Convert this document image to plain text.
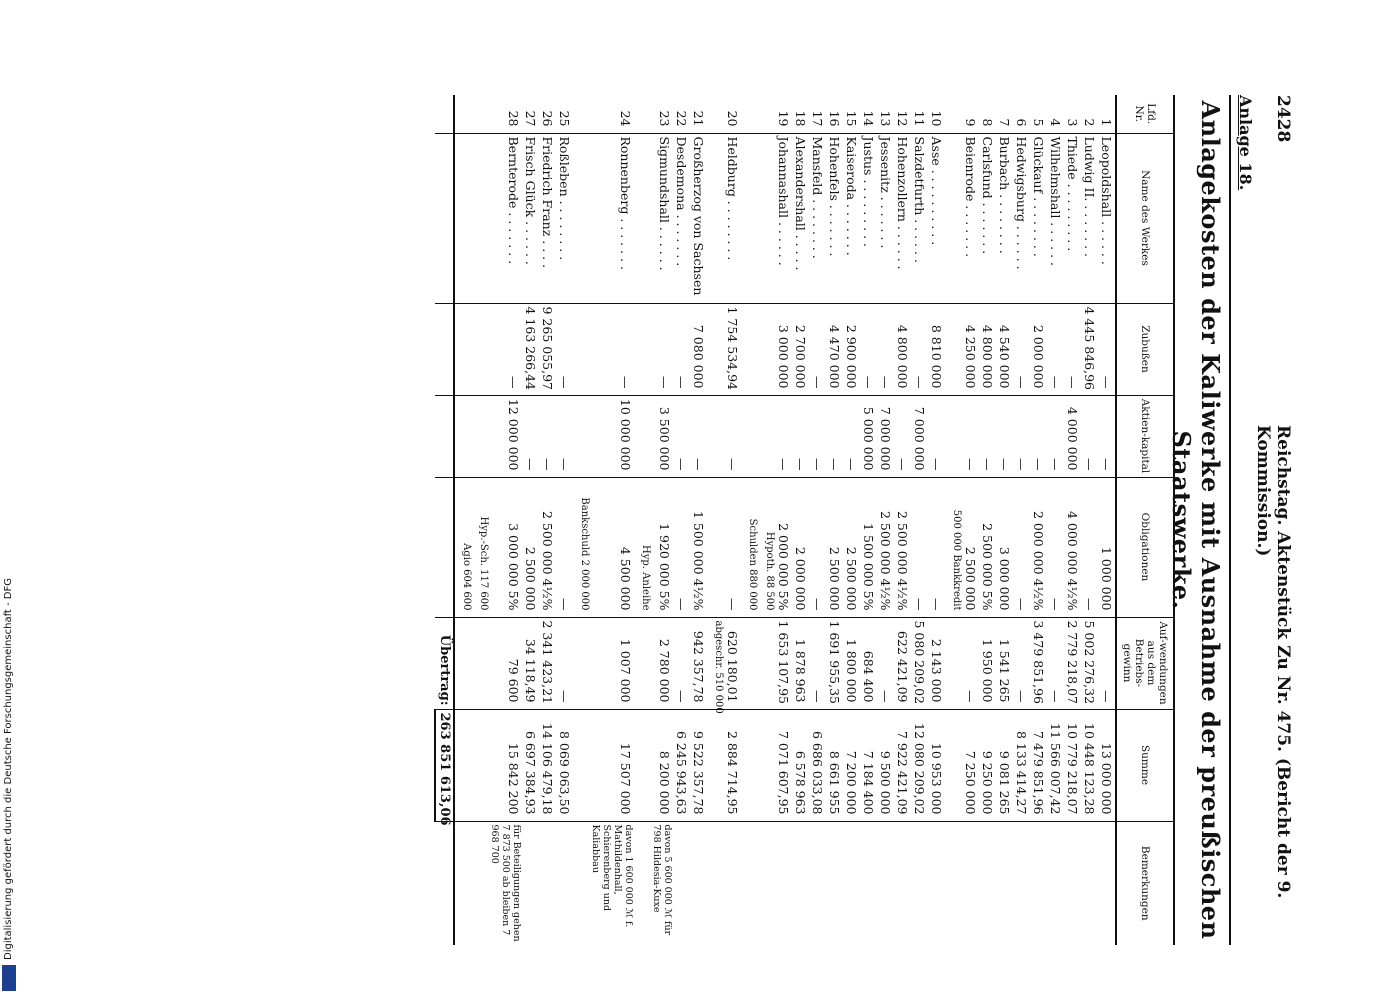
2428
Reichstag. Aktenstück Zu Nr. 475. (Bericht der 9. Kommission.)
Anlage 18.
Anlagekosten der Kaliwerke mit Ausnahme der preußischen Staatswerke.
Lfd. Nr.	Name des Werkes	Zubußen	Aktien-kapital	Obligationen	Auf-wendungen aus dem Betriebs-gewinn	Summe	Bemerkungen
1	Leopoldshall . . . . . .	—	—	1 000 000	—	13 000 000	
2	Ludwig II. . . . . . . .	4 445 846,96	—	—	5 002 276,32	10 448 123,28	
3	Thiede . . . . . . . . .	—	4 000 000	4 000 000 4½%	2 779 218,07	10 779 218,07	
4	Wilhelmshall . . . . . .	—	—	—	—	11 566 007,42	
5	Glückauf . . . . . . . .	2 000 000	—	2 000 000 4½%	3 479 851,96	7 479 851,96	
6	Hedwigsburg . . . . . .	—	—	—	—	8 133 414,27	
7	Burbach . . . . . . . .	4 540 000	—	3 000 000	1 541 265	9 081 265	
8	Carlsfund . . . . . . .	4 800 000	—	2 500 000 5%	1 950 000	9 250 000	
9	Beienrode . . . . . . .	4 250 000	—	2 500 000	—	7 250 000	
				500 000 Bankkredit			
10	Asse . . . . . . . . . .	8 810 000	—	—	2 143 000	10 953 000	
11	Salzdetfurth . . . . . .	—	7 000 000	—	5 080 209,02	12 080 209,02	
12	Hohenzollern . . . . . .	4 800 000	—	2 500 000 4½%	622 421,09	7 922 421,09	
13	Jessenitz . . . . . . .	—	7 000 000	2 500 000 4½%	—	9 500 000	
14	Justus . . . . . . . . .	—	5 000 000	1 500 000 5%	684 400	7 184 400	
15	Kaiseroda . . . . . . .	2 900 000	—	2 500 000	1 800 000	7 200 000	
16	Hohenfels . . . . . . .	4 470 000	—	2 500 000	1 691 955,35	8 661 955	
17	Mansfeld . . . . . . . .	—	—	—	—	6 686 033,08	
18	Alexandershall . . . . .	2 700 000	—	2 000 000	1 878 963	6 578 963	
19	Johannashall . . . . . .	3 000 000	—	2 000 000 5%	1 653 107,95	7 071 607,95	
				Hypoth. 88 500			
				Schulden 880 000			
20	Heldburg . . . . . . . .	1 754 534,94	—	—	620 180,01	2 884 714,95	
					abgeschr. 510 000		
21	Großherzog von Sachsen	7 080 000	—	1 500 000 4½%	942 357,78	9 522 357,78	
22	Desdemona . . . . . . .	—	—	—	—	6 245 943,63	
23	Sigmundshall . . . . . .	—	3 500 000	1 920 000 5%	2 780 000	8 200 000	davon 5 600 000 ℳ für 798 Hildesia-Kuxe
				Hyp. Anleihe			
24	Ronnenberg . . . . . . .	—	10 000 000	4 500 000	1 007 000	17 507 000	davon 1 600 000 ℳ f. Mathildenhall, Schierenberg und Kaliabbau
				Bankschuld 2 000 000			
25	Roßleben . . . . . . . .	—	—	—	—	8 069 063,50	
26	Friedrich Franz . . . .	9 265 055,97	—	2 500 000 4½%	2 341 423,21	14 106 479,18	
27	Frisch Glück . . . . . .	4 163 266,44	—	2 500 000	34 118,49	6 697 384,93	
28	Bernterode . . . . . . .	—	12 000 000	3 000 000 5%	79 600	15 842 200	für Beteiligungen gehen 7 873 500 ab bleiben 7 968 700
				Hyp.-Sch. 117 600			
				Agio 604 600			
					Übertrag:	263 851 613,06	
Digitalisierung gefördert durch die Deutsche Forschungsgemeinschaft - DFG
